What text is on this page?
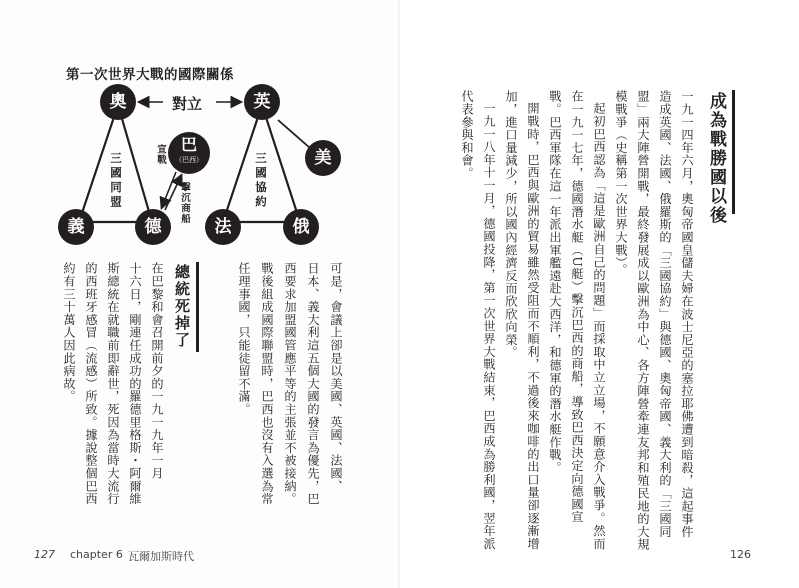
第一次世界大戰的國際關係
奧	英
美
義	德	法	俄
巴
（巴西）
對立
三國同盟	三國協約
宣戰
擊沉商船
可是，會議上卻是以美國、英國、法國、
日本、義大利這五個大國的發言為優先，巴
西要求加盟國管應平等的主張並不被接納。
戰後組成國際聯盟時，巴西也沒有入選為常
任理事國，只能徒留不滿。
總統死掉了
在巴黎和會召開前夕的一九一九年一月
十六日，剛連任成功的羅德里格斯・阿爾維
斯總統在就職前即辭世，死因為當時大流行
的西班牙感冒（流感）所致。據說整個巴西
約有三十萬人因此病故。
127 chapter 6 瓦爾加斯時代
成為戰勝國以後
一九一四年六月，奧匈帝國皇儲夫婦在波士尼亞的塞拉耶佛遭到暗殺，這起事件
造成英國、法國、俄羅斯的「三國協約」與德國、奧匈帝國、義大利的「三國同
盟」兩大陣營開戰，最終發展成以歐洲為中心、各方陣營牽連友邦和殖民地的大規
模戰爭（史稱第一次世界大戰）。
起初巴西認為「這是歐洲自己的問題」而採取中立立場，不願意介入戰爭。然而
在一九一七年，德國潛水艇（U艇）擊沉巴西的商船，導致巴西決定向德國宣
戰。巴西軍隊在這一年派出軍艦遠赴大西洋，和德軍的潛水艇作戰。
開戰時，巴西與歐洲的貿易雖然受阻而不順利，不過後來咖啡的出口量卻逐漸增
加，進口量減少，所以國內經濟反而欣欣向榮。
一九一八年十一月，德國投降，第一次世界大戰結束，巴西成為勝利國，翌年派
代表參與和會。
126
